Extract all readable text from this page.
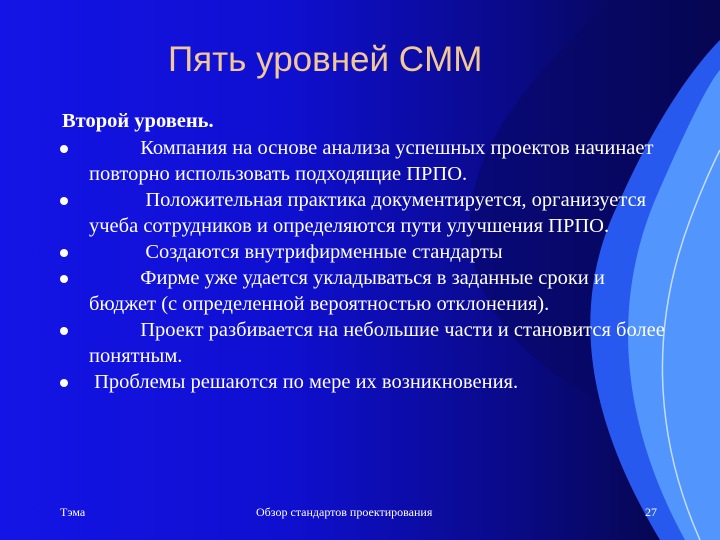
Пять уровней CMM
Второй уровень.
Компания на основе анализа успешных проектов начинает повторно использовать подходящие ПРПО.
Положительная практика документируется, организуется учеба сотрудников и определяются пути улучшения ПРПО.
Создаются внутрифирменные стандарты
Фирме уже удается укладываться в заданные сроки и бюджет (с определенной вероятностью отклонения).
Проект разбивается на небольшие части и становится более понятным.
Проблемы решаются по мере их возникновения.
Тэма	Обзор стандартов проектирования	27
